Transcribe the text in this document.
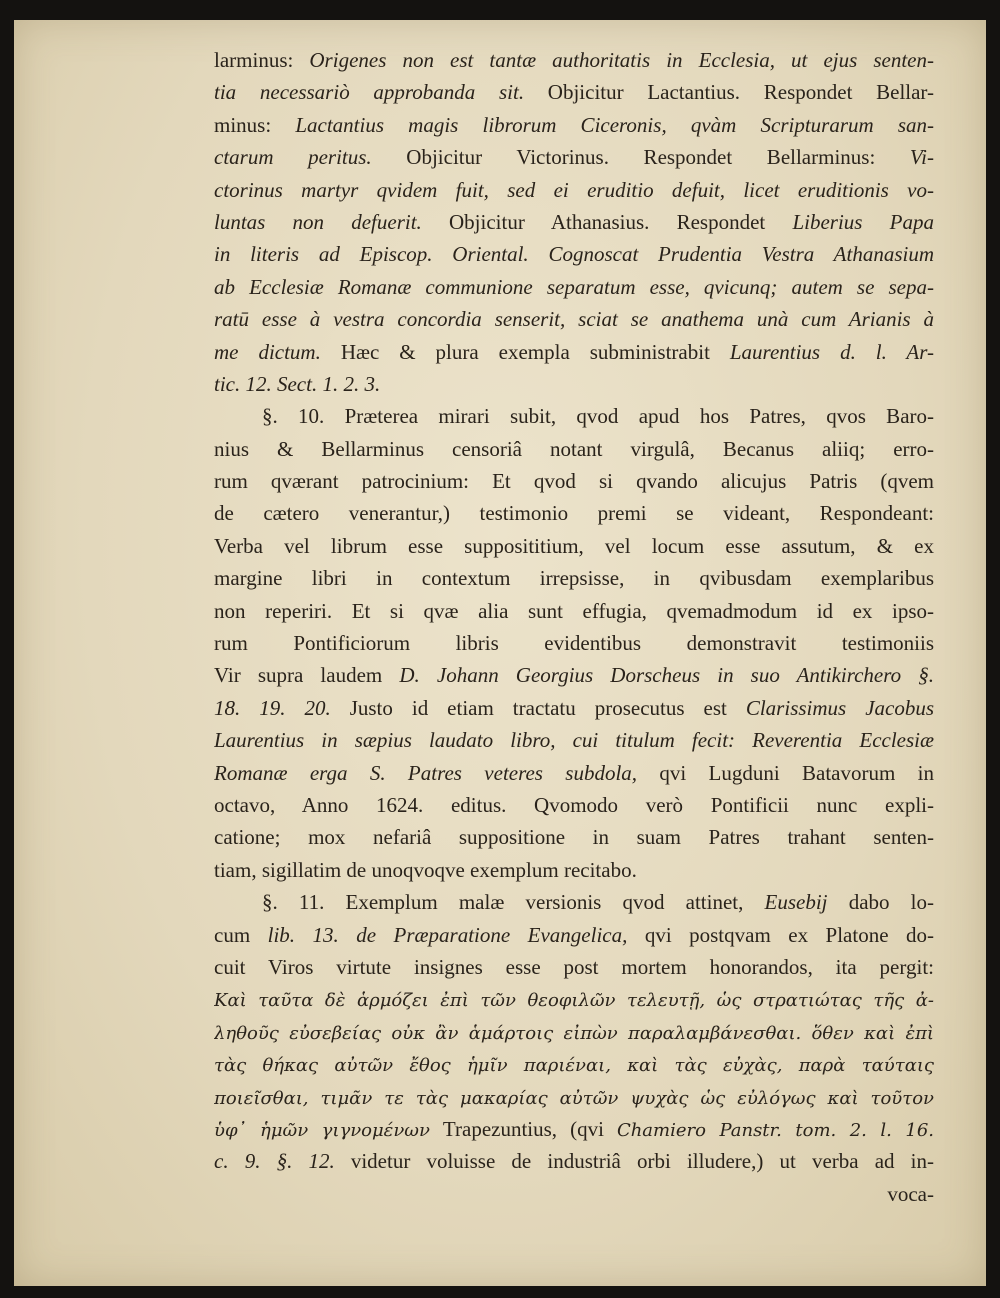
larminus: Origenes non est tantæ authoritatis in Ecclesia, ut ejus senten-
tia necessariò approbanda sit. Objicitur Lactantius. Respondet Bellar-
minus: Lactantius magis librorum Ciceronis, qvàm Scripturarum san-
ctarum peritus. Objicitur Victorinus. Respondet Bellarminus: Vi-
ctorinus martyr qvidem fuit, sed ei eruditio defuit, licet eruditionis vo-
luntas non defuerit. Objicitur Athanasius. Respondet Liberius Papa
in literis ad Episcop. Oriental. Cognoscat Prudentia Vestra Athanasium
ab Ecclesiæ Romanæ communione separatum esse, qvicunq; autem se sepa-
ratū esse à vestra concordia senserit, sciat se anathema unà cum Arianis à
me dictum. Hæc & plura exempla subministrabit Laurentius d. l. Ar-
tic. 12. Sect. 1. 2. 3.
§. 10. Præterea mirari subit, qvod apud hos Patres, qvos Baro-
nius & Bellarminus censoriâ notant virgulâ, Becanus aliiq; erro-
rum qværant patrocinium: Et qvod si qvando alicujus Patris (qvem
de cætero venerantur,) testimonio premi se videant, Respondeant:
Verba vel librum esse supposititium, vel locum esse assutum, & ex
margine libri in contextum irrepsisse, in qvibusdam exemplaribus
non reperiri. Et si qvæ alia sunt effugia, qvemadmodum id ex ipso-
rum Pontificiorum libris evidentibus demonstravit testimoniis
Vir supra laudem D. Johann Georgius Dorscheus in suo Antikirchero §.
18. 19. 20. Justo id etiam tractatu prosecutus est Clarissimus Jacobus
Laurentius in sæpius laudato libro, cui titulum fecit: Reverentia Ecclesiæ
Romanæ erga S. Patres veteres subdola, qvi Lugduni Batavorum in
octavo, Anno 1624. editus. Qvomodo verò Pontificii nunc expli-
catione; mox nefariâ suppositione in suam Patres trahant senten-
tiam, sigillatim de unoqvoqve exemplum recitabo.
§. 11. Exemplum malæ versionis qvod attinet, Eusebij dabo lo-
cum lib. 13. de Præparatione Evangelica, qvi postqvam ex Platone do-
cuit Viros virtute insignes esse post mortem honorandos, ita pergit:
Καὶ ταῦτα δὲ ἁρμόζει ἐπὶ τῶν θεοφιλῶν τελευτῇ, ὡς στρατιώτας τῆς ἀ-
ληθοῦς εὐσεβείας οὐκ ἂν ἁμάρτοις εἰπὼν παραλαμβάνεσθαι. ὅθεν καὶ ἐπὶ
τὰς θήκας αὐτῶν ἔθος ἡμῖν παριέναι, καὶ τὰς εὐχὰς, παρὰ ταύταις
ποιεῖσθαι, τιμᾶν τε τὰς μακαρίας αὐτῶν ψυχὰς ὡς εὐλόγως καὶ τοῦτον
ὑφ᾽ ἡμῶν γιγνομένων Trapezuntius, (qvi Chamiero Panstr. tom. 2. l. 16.
c. 9. §. 12. videtur voluisse de industriâ orbi illudere,) ut verba ad in-
voca-
